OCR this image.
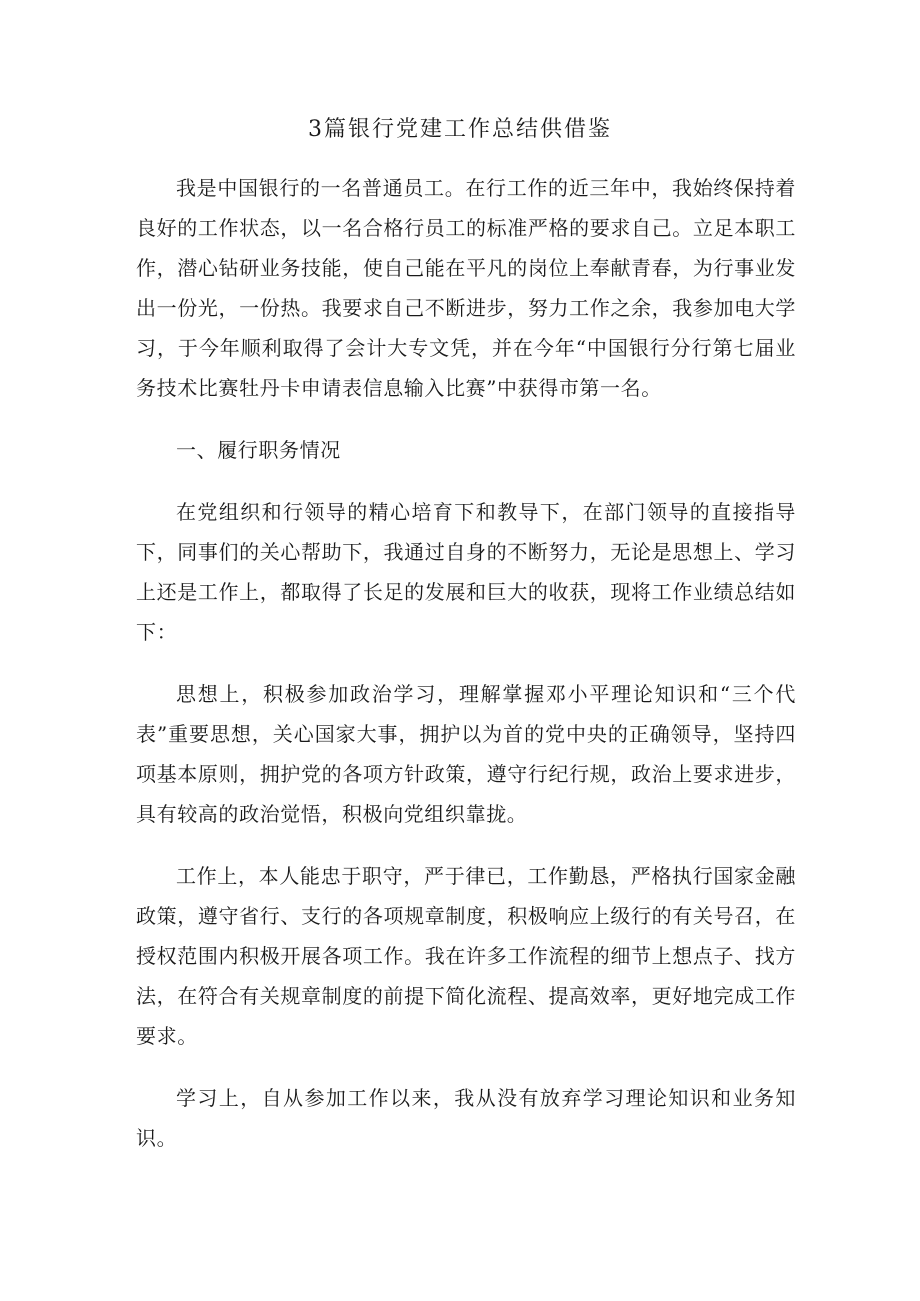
3篇银行党建工作总结供借鉴

我是中国银行的一名普通员工。在行工作的近三年中，我始终保持着良好的工作状态，以一名合格行员工的标准严格的要求自己。立足本职工作，潜心钻研业务技能，使自己能在平凡的岗位上奉献青春，为行事业发出一份光，一份热。我要求自己不断进步，努力工作之余，我参加电大学习，于今年顺利取得了会计大专文凭，并在今年“中国银行分行第七届业务技术比赛牡丹卡申请表信息输入比赛”中获得市第一名。

一、履行职务情况

在党组织和行领导的精心培育下和教导下，在部门领导的直接指导下，同事们的关心帮助下，我通过自身的不断努力，无论是思想上、学习上还是工作上，都取得了长足的发展和巨大的收获，现将工作业绩总结如下：

思想上，积极参加政治学习，理解掌握邓小平理论知识和“三个代表”重要思想，关心国家大事，拥护以为首的党中央的正确领导，坚持四项基本原则，拥护党的各项方针政策，遵守行纪行规，政治上要求进步，具有较高的政治觉悟，积极向党组织靠拢。

工作上，本人能忠于职守，严于律已，工作勤恳，严格执行国家金融政策，遵守省行、支行的各项规章制度，积极响应上级行的有关号召，在授权范围内积极开展各项工作。我在许多工作流程的细节上想点子、找方法，在符合有关规章制度的前提下简化流程、提高效率，更好地完成工作要求。

学习上，自从参加工作以来，我从没有放弃学习理论知识和业务知识。
